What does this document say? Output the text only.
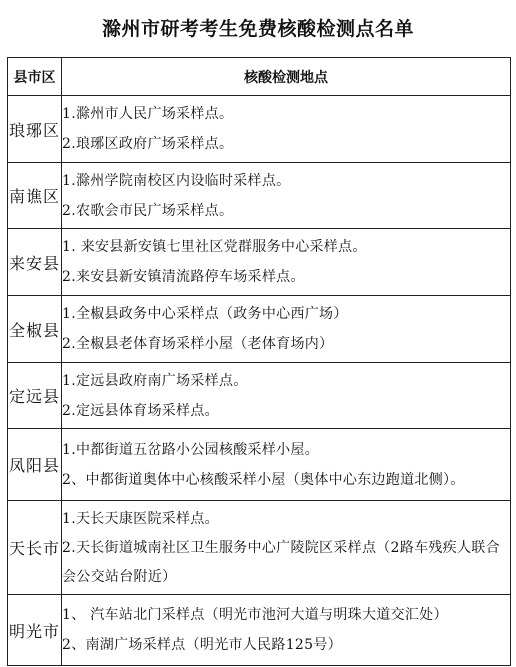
滁州市研考考生免费核酸检测点名单
县市区	核酸检测地点
琅琊区	1.滁州市人民广场采样点。
2.琅琊区政府广场采样点。

南谯区	1.滁州学院南校区内设临时采样点。
2.农歌会市民广场采样点。

来安县	1. 来安县新安镇七里社区党群服务中心采样点。
2.来安县新安镇清流路停车场采样点。

全椒县	1.全椒县政务中心采样点（政务中心西广场）
2.全椒县老体育场采样小屋（老体育场内）

定远县	1.定远县政府南广场采样点。
2.定远县体育场采样点。

凤阳县	1.中都街道五岔路小公园核酸采样小屋。
2、中都街道奥体中心核酸采样小屋（奥体中心东边跑道北侧）。

天长市	1.天长天康医院采样点。
2.天长街道城南社区卫生服务中心广陵院区采样点（2路车残疾人联合会公交站台附近）

明光市	1、 汽车站北门采样点（明光市池河大道与明珠大道交汇处）
2、南湖广场采样点（明光市人民路125号）
